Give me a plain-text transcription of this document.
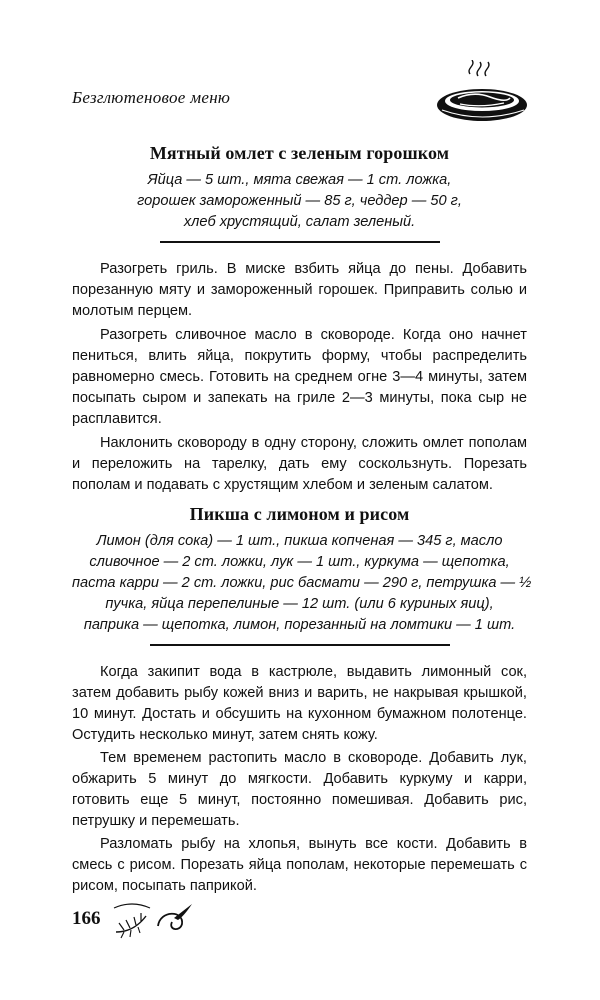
Безглютеновое меню
Мятный омлет с зеленым горошком
Яйца — 5 шт., мята свежая — 1 ст. ложка,
горошек замороженный — 85 г, чеддер — 50 г,
хлеб хрустящий, салат зеленый.

Разогреть гриль. В миске взбить яйца до пены. Добавить порезанную мяту и замороженный горошек. Приправить солью и молотым перцем.

Разогреть сливочное масло в сковороде. Когда оно начнет пениться, влить яйца, покрутить форму, чтобы распределить равномерно смесь. Готовить на среднем огне 3—4 минуты, затем посыпать сыром и запекать на гриле 2—3 минуты, пока сыр не расплавится.

Наклонить сковороду в одну сторону, сложить омлет пополам и переложить на тарелку, дать ему соскользнуть. Порезать пополам и подавать с хрустящим хлебом и зеленым салатом.

Пикша с лимоном и рисом
Лимон (для сока) — 1 шт., пикша копченая — 345 г, масло
сливочное — 2 ст. ложки, лук — 1 шт., куркума — щепотка,
паста карри — 2 ст. ложки, рис басмати — 290 г, петрушка — ½
пучка, яйца перепелиные — 12 шт. (или 6 куриных яиц),
паприка — щепотка, лимон, порезанный на ломтики — 1 шт.

Когда закипит вода в кастрюле, выдавить лимонный сок, затем добавить рыбу кожей вниз и варить, не накрывая крышкой, 10 минут. Достать и обсушить на кухонном бумажном полотенце. Остудить несколько минут, затем снять кожу.

Тем временем растопить масло в сковороде. Добавить лук, обжарить 5 минут до мягкости. Добавить куркуму и карри, готовить еще 5 минут, постоянно помешивая. Добавить рис, петрушку и перемешать.

Разломать рыбу на хлопья, вынуть все кости. Добавить в смесь с рисом. Порезать яйца пополам, некоторые перемешать с рисом, посыпать паприкой.

166
